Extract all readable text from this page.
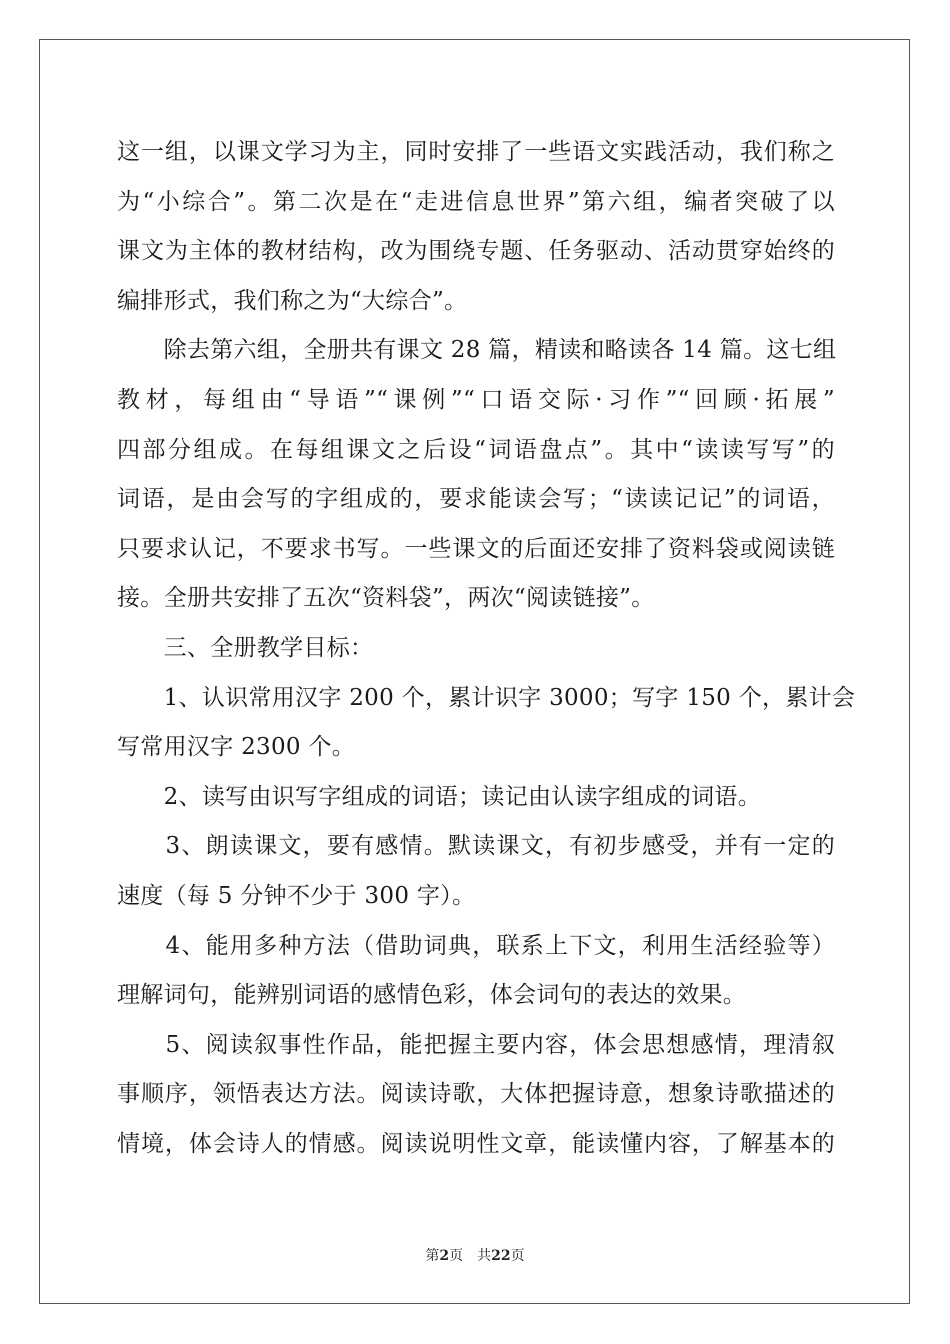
这一组，以课文学习为主，同时安排了一些语文实践活动，我们称之
为“小综合”。第二次是在“走进信息世界”第六组，编者突破了以
课文为主体的教材结构，改为围绕专题、任务驱动、活动贯穿始终的
编排形式，我们称之为“大综合”。
　　除去第六组，全册共有课文 28 篇，精读和略读各 14 篇。这七组
教材，每组由“导语”“课例”“口语交际·习作”“回顾·拓展”
四部分组成。在每组课文之后设“词语盘点”。其中“读读写写”的
词语，是由会写的字组成的，要求能读会写；“读读记记”的词语，
只要求认记，不要求书写。一些课文的后面还安排了资料袋或阅读链
接。全册共安排了五次“资料袋”，两次“阅读链接”。
　　三、全册教学目标：
　　1、认识常用汉字 200 个，累计识字 3000；写字 150 个，累计会
写常用汉字 2300 个。
　　2、读写由识写字组成的词语；读记由认读字组成的词语。
　　3、朗读课文，要有感情。默读课文，有初步感受，并有一定的
速度（每 5 分钟不少于 300 字）。
　　4、能用多种方法（借助词典，联系上下文，利用生活经验等）
理解词句，能辨别词语的感情色彩，体会词句的表达的效果。
　　5、阅读叙事性作品，能把握主要内容，体会思想感情，理清叙
事顺序，领悟表达方法。阅读诗歌，大体把握诗意，想象诗歌描述的
情境，体会诗人的情感。阅读说明性文章，能读懂内容，了解基本的
第2页　共22页
